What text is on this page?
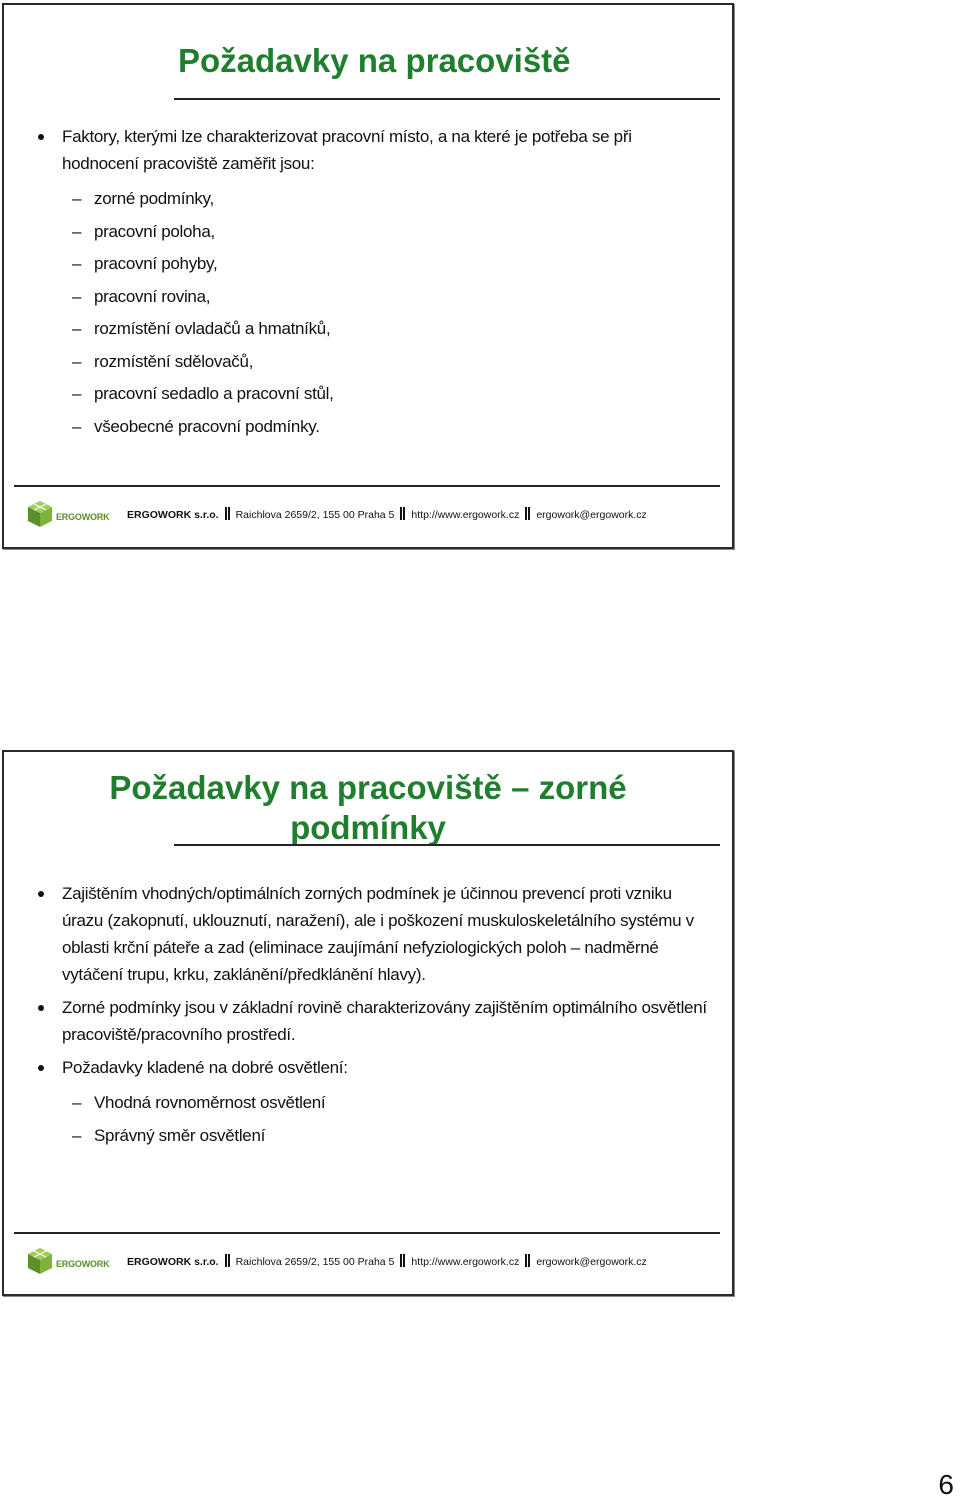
Požadavky na pracoviště
Faktory, kterými lze charakterizovat pracovní místo, a na které je potřeba se při hodnocení pracoviště zaměřit jsou:
– zorné podmínky,
– pracovní poloha,
– pracovní pohyby,
– pracovní rovina,
– rozmístění ovladačů a hmatníků,
– rozmístění sdělovačů,
– pracovní sedadlo a pracovní stůl,
– všeobecné pracovní podmínky.
ERGOWORK ERGOWORK s.r.o. Raichlova 2659/2, 155 00 Praha 5 http://www.ergowork.cz ergowork@ergowork.cz
Požadavky na pracoviště – zorné podmínky
Zajištěním vhodných/optimálních zorných podmínek je účinnou prevencí proti vzniku úrazu (zakopnutí, uklouznutí, naražení), ale i poškození muskuloskeletálního systému v oblasti krční páteře a zad (eliminace zaujímání nefyziologických poloh – nadměrné vytáčení trupu, krku, zaklánění/předklánění hlavy).
Zorné podmínky jsou v základní rovině charakterizovány zajištěním optimálního osvětlení pracoviště/pracovního prostředí.
Požadavky kladené na dobré osvětlení:
– Vhodná rovnoměrnost osvětlení
– Správný směr osvětlení
ERGOWORK ERGOWORK s.r.o. Raichlova 2659/2, 155 00 Praha 5 http://www.ergowork.cz ergowork@ergowork.cz
6
